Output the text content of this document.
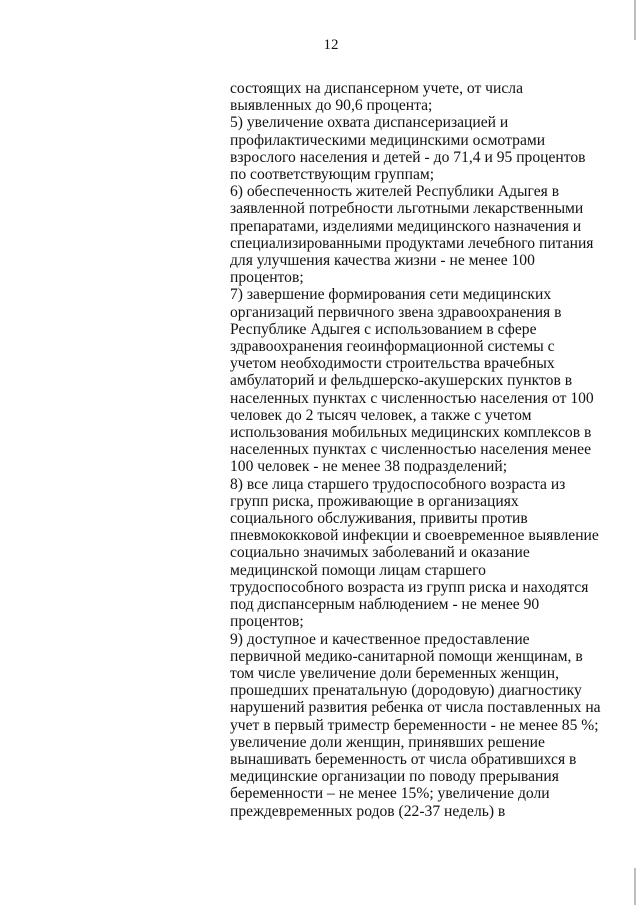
12
состоящих на диспансерном учете, от числа
выявленных до 90,6 процента;
5) увеличение охвата диспансеризацией и
профилактическими медицинскими осмотрами
взрослого населения и детей - до 71,4 и 95 процентов
по соответствующим группам;
6) обеспеченность жителей Республики Адыгея в
заявленной потребности льготными лекарственными
препаратами, изделиями медицинского назначения и
специализированными продуктами лечебного питания
для улучшения качества жизни - не менее 100
процентов;
7) завершение формирования сети медицинских
организаций первичного звена здравоохранения в
Республике Адыгея с использованием в сфере
здравоохранения геоинформационной системы с
учетом необходимости строительства врачебных
амбулаторий и фельдшерско-акушерских пунктов в
населенных пунктах с численностью населения от 100
человек до 2 тысяч человек, а также с учетом
использования мобильных медицинских комплексов в
населенных пунктах с численностью населения менее
100 человек - не менее 38 подразделений;
8) все лица старшего трудоспособного возраста из
групп риска, проживающие в организациях
социального обслуживания, привиты против
пневмококковой инфекции и своевременное выявление
социально значимых заболеваний и оказание
медицинской помощи лицам старшего
трудоспособного возраста из групп риска и находятся
под диспансерным наблюдением - не менее 90
процентов;
9) доступное и качественное предоставление
первичной медико-санитарной помощи женщинам, в
том числе увеличение доли беременных женщин,
прошедших пренатальную (дородовую) диагностику
нарушений развития ребенка от числа поставленных на
учет в первый триместр беременности - не менее 85 %;
увеличение доли женщин, принявших решение
вынашивать беременность от числа обратившихся в
медицинские организации по поводу прерывания
беременности – не менее 15%; увеличение доли
преждевременных родов (22-37 недель) в
